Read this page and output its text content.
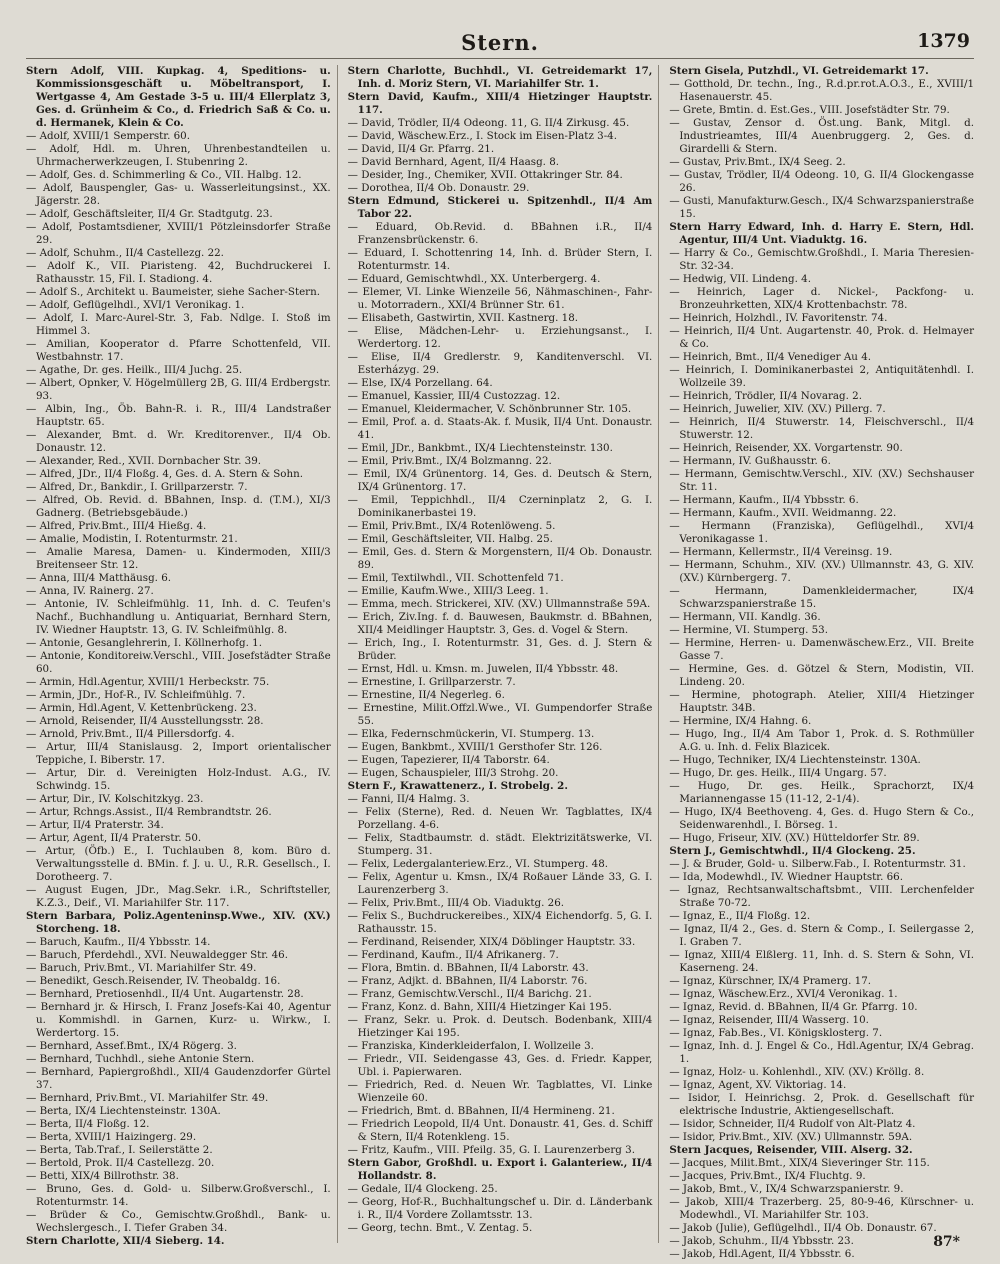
Stern.	1379

Stern Adolf, VIII. Kupkag. 4, Speditions- u. Kommissionsgeschäft u. Möbeltransport, I. Wertgasse 4, Am Gestade 3-5 u. III/4 Ellerplatz 3, Ges. d. Grünheim & Co., d. Friedrich Saß & Co. u. d. Hermanek, Klein & Co.

— Adolf, XVIII/1 Semperstr. 60.

— Adolf, Hdl. m. Uhren, Uhrenbestandteilen u. Uhrmacherwerkzeugen, I. Stubenring 2.

— Adolf, Ges. d. Schimmerling & Co., VII. Halbg. 12.

— Adolf, Bauspengler, Gas- u. Wasserleitungsinst., XX. Jägerstr. 28.

— Adolf, Geschäftsleiter, II/4 Gr. Stadtgutg. 23.

— Adolf, Postamtsdiener, XVIII/1 Pötzleinsdorfer Straße 29.

— Adolf, Schuhm., II/4 Castellezg. 22.

— Adolf K., VII. Piaristeng. 42, Buchdruckerei I. Rathausstr. 15, Fil. I. Stadiong. 4.

— Adolf S., Architekt u. Baumeister, siehe Sacher-Stern.

— Adolf, Geflügelhdl., XVI/1 Veronikag. 1.

— Adolf, I. Marc-Aurel-Str. 3, Fab. Ndlge. I. Stoß im Himmel 3.

— Amilian, Kooperator d. Pfarre Schottenfeld, VII. Westbahnstr. 17.

— Agathe, Dr. ges. Heilk., III/4 Juchg. 25.

— Albert, Opnker, V. Högelmüllerg 2B, G. III/4 Erdbergstr. 93.

— Albin, Ing., Öb. Bahn-R. i. R., III/4 Landstraßer Hauptstr. 65.

— Alexander, Bmt. d. Wr. Kreditorenver., II/4 Ob. Donaustr. 12.

— Alexander, Red., XVII. Dornbacher Str. 39.

— Alfred, JDr., II/4 Floßg. 4, Ges. d. A. Stern & Sohn.

— Alfred, Dr., Bankdir., I. Grillparzerstr. 7.

— Alfred, Ob. Revid. d. BBahnen, Insp. d. (T.M.), XI/3 Gadnerg. (Betriebsgebäude.)

— Alfred, Priv.Bmt., III/4 Hießg. 4.

— Amalie, Modistin, I. Rotenturmstr. 21.

— Amalie Maresa, Damen- u. Kindermoden, XIII/3 Breitenseer Str. 12.

— Anna, III/4 Matthäusg. 6.

— Anna, IV. Rainerg. 27.

— Antonie, IV. Schleifmühlg. 11, Inh. d. C. Teufen's Nachf., Buchhandlung u. Antiquariat, Bernhard Stern, IV. Wiedner Hauptstr. 13, G. IV. Schleifmühlg. 8.

— Antonie, Gesanglehrerin, I. Köllnerhofg. 1.

— Antonie, Konditoreiw.Verschl., VIII. Josefstädter Straße 60.

— Armin, Hdl.Agentur, XVIII/1 Herbeckstr. 75.

— Armin, JDr., Hof-R., IV. Schleifmühlg. 7.

— Armin, Hdl.Agent, V. Kettenbrückeng. 23.

— Arnold, Reisender, II/4 Ausstellungsstr. 28.

— Arnold, Priv.Bmt., II/4 Pillersdorfg. 4.

— Artur, III/4 Stanislausg. 2, Import orientalischer Teppiche, I. Biberstr. 17.

— Artur, Dir. d. Vereinigten Holz-Indust. A.G., IV. Schwindg. 15.

— Artur, Dir., IV. Kolschitzkyg. 23.

— Artur, Rchngs.Assist., II/4 Rembrandtstr. 26.

— Artur, II/4 Praterstr. 34.

— Artur, Agent, II/4 Praterstr. 50.

— Artur, (Öfb.) E., I. Tuchlauben 8, kom. Büro d. Verwaltungsstelle d. BMin. f. J. u. U., R.R. Gesellsch., I. Dorotheerg. 7.

— August Eugen, JDr., Mag.Sekr. i.R., Schriftsteller, K.Z.3., Deif., VI. Mariahilfer Str. 117.

Stern Barbara, Poliz.Agenteninsp.Wwe., XIV. (XV.) Storcheng. 18.

— Baruch, Kaufm., II/4 Ybbsstr. 14.

— Baruch, Pferdehdl., XVI. Neuwaldegger Str. 46.

— Baruch, Priv.Bmt., VI. Mariahilfer Str. 49.

— Benedikt, Gesch.Reisender, IV. Theobaldg. 16.

— Bernhard, Pretiosenhdl., II/4 Unt. Augartenstr. 28.

— Bernhard jr. & Hirsch, I. Franz Josefs-Kai 40, Agentur u. Kommishdl. in Garnen, Kurz- u. Wirkw., I. Werdertorg. 15.

— Bernhard, Assef.Bmt., IX/4 Rögerg. 3.

— Bernhard, Tuchhdl., siehe Antonie Stern.

— Bernhard, Papiergroßhdl., XII/4 Gaudenzdorfer Gürtel 37.

— Bernhard, Priv.Bmt., VI. Mariahilfer Str. 49.

— Berta, IX/4 Liechtensteinstr. 130A.

— Berta, II/4 Floßg. 12.

— Berta, XVIII/1 Haizingerg. 29.

— Berta, Tab.Traf., I. Seilerstätte 2.

— Bertold, Prok. II/4 Castellezg. 20.

— Betti, XIX/4 Billrothstr. 38.

— Bruno, Ges. d. Gold- u. Silberw.Großverschl., I. Rotenturmstr. 14.

— Brüder & Co., Gemischtw.Großhdl., Bank- u. Wechslergesch., I. Tiefer Graben 34.

Stern Charlotte, XII/4 Sieberg. 14.

Stern Charlotte, Buchhdl., VI. Getreidemarkt 17, Inh. d. Moriz Stern, VI. Mariahilfer Str. 1.

Stern David, Kaufm., XIII/4 Hietzinger Hauptstr. 117.

— David, Trödler, II/4 Odeong. 11, G. II/4 Zirkusg. 45.

— David, Wäschew.Erz., I. Stock im Eisen-Platz 3-4.

— David, II/4 Gr. Pfarrg. 21.

— David Bernhard, Agent, II/4 Haasg. 8.

— Desider, Ing., Chemiker, XVII. Ottakringer Str. 84.

— Dorothea, II/4 Ob. Donaustr. 29.

Stern Edmund, Stickerei u. Spitzenhdl., II/4 Am Tabor 22.

— Eduard, Ob.Revid. d. BBahnen i.R., II/4 Franzensbrückenstr. 6.

— Eduard, I. Schottenring 14, Inh. d. Brüder Stern, I. Rotenturmstr. 14.

— Eduard, Gemischtwhdl., XX. Unterbergerg. 4.

— Elemer, VI. Linke Wienzeile 56, Nähmaschinen-, Fahr- u. Motorradern., XXI/4 Brünner Str. 61.

— Elisabeth, Gastwirtin, XVII. Kastnerg. 18.

— Elise, Mädchen-Lehr- u. Erziehungsanst., I. Werdertorg. 12.

— Elise, II/4 Gredlerstr. 9, Kanditenverschl. VI. Esterházyg. 29.

— Else, IX/4 Porzellang. 64.

— Emanuel, Kassier, III/4 Custozzag. 12.

— Emanuel, Kleidermacher, V. Schönbrunner Str. 105.

— Emil, Prof. a. d. Staats-Ak. f. Musik, II/4 Unt. Donaustr. 41.

— Emil, JDr., Bankbmt., IX/4 Liechtensteinstr. 130.

— Emil, Priv.Bmt., IX/4 Bolzmanng. 22.

— Emil, IX/4 Grünentorg. 14, Ges. d. Deutsch & Stern, IX/4 Grünentorg. 17.

— Emil, Teppichhdl., II/4 Czerninplatz 2, G. I. Dominikanerbastei 19.

— Emil, Priv.Bmt., IX/4 Rotenlöweng. 5.

— Emil, Geschäftsleiter, VII. Halbg. 25.

— Emil, Ges. d. Stern & Morgenstern, II/4 Ob. Donaustr. 89.

— Emil, Textilwhdl., VII. Schottenfeld 71.

— Emilie, Kaufm.Wwe., XIII/3 Leeg. 1.

— Emma, mech. Strickerei, XIV. (XV.) Ullmannstraße 59A.

— Erich, Ziv.Ing. f. d. Bauwesen, Baukmstr. d. BBahnen, XII/4 Meidlinger Hauptstr. 3, Ges. d. Vogel & Stern.

— Erich, Ing., I. Rotenturmstr. 31, Ges. d. J. Stern & Brüder.

— Ernst, Hdl. u. Kmsn. m. Juwelen, II/4 Ybbsstr. 48.

— Ernestine, I. Grillparzerstr. 7.

— Ernestine, II/4 Negerleg. 6.

— Ernestine, Milit.Offzl.Wwe., VI. Gumpendorfer Straße 55.

— Elka, Federnschmückerin, VI. Stumperg. 13.

— Eugen, Bankbmt., XVIII/1 Gersthofer Str. 126.

— Eugen, Tapezierer, II/4 Taborstr. 64.

— Eugen, Schauspieler, III/3 Strohg. 20.

Stern F., Krawattenerz., I. Strobelg. 2.

— Fanni, II/4 Halmg. 3.

— Felix (Sterne), Red. d. Neuen Wr. Tagblattes, IX/4 Porzellang. 4-6.

— Felix, Stadtbaumstr. d. städt. Elektrizitätswerke, VI. Stumperg. 31.

— Felix, Ledergalanteriew.Erz., VI. Stumperg. 48.

— Felix, Agentur u. Kmsn., IX/4 Roßauer Lände 33, G. I. Laurenzerberg 3.

— Felix, Priv.Bmt., III/4 Ob. Viaduktg. 26.

— Felix S., Buchdruckereibes., XIX/4 Eichendorfg. 5, G. I. Rathausstr. 15.

— Ferdinand, Reisender, XIX/4 Döblinger Hauptstr. 33.

— Ferdinand, Kaufm., II/4 Afrikanerg. 7.

— Flora, Bmtin. d. BBahnen, II/4 Laborstr. 43.

— Franz, Adjkt. d. BBahnen, II/4 Laborstr. 76.

— Franz, Gemischtw.Verschl., II/4 Barichg. 21.

— Franz, Konz. d. Bahn, XIII/4 Hietzinger Kai 195.

— Franz, Sekr. u. Prok. d. Deutsch. Bodenbank, XIII/4 Hietzinger Kai 195.

— Franziska, Kinderkleiderfalon, I. Wollzeile 3.

— Friedr., VII. Seidengasse 43, Ges. d. Friedr. Kapper, Ubl. i. Papierwaren.

— Friedrich, Red. d. Neuen Wr. Tagblattes, VI. Linke Wienzeile 60.

— Friedrich, Bmt. d. BBahnen, II/4 Hermineng. 21.

— Friedrich Leopold, II/4 Unt. Donaustr. 41, Ges. d. Schiff & Stern, II/4 Rotenkleng. 15.

— Fritz, Kaufm., VIII. Pfeilg. 35, G. I. Laurenzerberg 3.

Stern Gabor, Großhdl. u. Export i. Galanteriew., II/4 Hollandstr. 8.

— Gedale, II/4 Glockeng. 25.

— Georg, Hof-R., Buchhaltungschef u. Dir. d. Länderbank i. R., II/4 Vordere Zollamtsstr. 13.

— Georg, techn. Bmt., V. Zentag. 5.

Stern Gisela, Putzhdl., VI. Getreidemarkt 17.

— Gotthold, Dr. techn., Ing., R.d.pr.rot.A.O.3., E., XVIII/1 Hasenauerstr. 45.

— Grete, Bmtin. d. Est.Ges., VIII. Josefstädter Str. 79.

— Gustav, Zensor d. Öst.ung. Bank, Mitgl. d. Industrieamtes, III/4 Auenbruggerg. 2, Ges. d. Girardelli & Stern.

— Gustav, Priv.Bmt., IX/4 Seeg. 2.

— Gustav, Trödler, II/4 Odeong. 10, G. II/4 Glockengasse 26.

— Gusti, Manufakturw.Gesch., IX/4 Schwarzspanierstraße 15.

Stern Harry Edward, Inh. d. Harry E. Stern, Hdl. Agentur, III/4 Unt. Viaduktg. 16.

— Harry & Co., Gemischtw.Großhdl., I. Maria Theresien-Str. 32-34.

— Hedwig, VII. Lindeng. 4.

— Heinrich, Lager d. Nickel-, Packfong- u. Bronzeuhrketten, XIX/4 Krottenbachstr. 78.

— Heinrich, Holzhdl., IV. Favoritenstr. 74.

— Heinrich, II/4 Unt. Augartenstr. 40, Prok. d. Helmayer & Co.

— Heinrich, Bmt., II/4 Venediger Au 4.

— Heinrich, I. Dominikanerbastei 2, Antiquitätenhdl. I. Wollzeile 39.

— Heinrich, Trödler, II/4 Novarag. 2.

— Heinrich, Juwelier, XIV. (XV.) Pillerg. 7.

— Heinrich, II/4 Stuwerstr. 14, Fleischverschl., II/4 Stuwerstr. 12.

— Heinrich, Reisender, XX. Vorgartenstr. 90.

— Hermann, IV. Gußhausstr. 6.

— Hermann, Gemischtw.Verschl., XIV. (XV.) Sechshauser Str. 11.

— Hermann, Kaufm., II/4 Ybbsstr. 6.

— Hermann, Kaufm., XVII. Weidmanng. 22.

— Hermann (Franziska), Geflügelhdl., XVI/4 Veronikagasse 1.

— Hermann, Kellermstr., II/4 Vereinsg. 19.

— Hermann, Schuhm., XIV. (XV.) Ullmannstr. 43, G. XIV. (XV.) Kürnbergerg. 7.

— Hermann, Damenkleidermacher, IX/4 Schwarzspanierstraße 15.

— Hermann, VII. Kandlg. 36.

— Hermine, VI. Stumperg. 53.

— Hermine, Herren- u. Damenwäschew.Erz., VII. Breite Gasse 7.

— Hermine, Ges. d. Götzel & Stern, Modistin, VII. Lindeng. 20.

— Hermine, photograph. Atelier, XIII/4 Hietzinger Hauptstr. 34B.

— Hermine, IX/4 Hahng. 6.

— Hugo, Ing., II/4 Am Tabor 1, Prok. d. S. Rothmüller A.G. u. Inh. d. Felix Blazicek.

— Hugo, Techniker, IX/4 Liechtensteinstr. 130A.

— Hugo, Dr. ges. Heilk., III/4 Ungarg. 57.

— Hugo, Dr. ges. Heilk., Sprachorzt, IX/4 Mariannengasse 15 (11-12, 2-1/4).

— Hugo, IX/4 Beethoveng. 4, Ges. d. Hugo Stern & Co., Seidenwarenhdl., I. Börseg. 1.

— Hugo, Friseur, XIV. (XV.) Hütteldorfer Str. 89.

Stern J., Gemischtwhdl., II/4 Glockeng. 25.

— J. & Bruder, Gold- u. Silberw.Fab., I. Rotenturmstr. 31.

— Ida, Modewhdl., IV. Wiedner Hauptstr. 66.

— Ignaz, Rechtsanwaltschaftsbmt., VIII. Lerchenfelder Straße 70-72.

— Ignaz, E., II/4 Floßg. 12.

— Ignaz, II/4 2., Ges. d. Stern & Comp., I. Seilergasse 2, I. Graben 7.

— Ignaz, XIII/4 Elßlerg. 11, Inh. d. S. Stern & Sohn, VI. Kaserneng. 24.

— Ignaz, Kürschner, IX/4 Pramerg. 17.

— Ignaz, Wäschew.Erz., XVI/4 Veronikag. 1.

— Ignaz, Revid. d. BBahnen, II/4 Gr. Pfarrg. 10.

— Ignaz, Reisender, III/4 Wasserg. 10.

— Ignaz, Fab.Bes., VI. Königsklosterg. 7.

— Ignaz, Inh. d. J. Engel & Co., Hdl.Agentur, IX/4 Gebrag. 1.

— Ignaz, Holz- u. Kohlenhdl., XIV. (XV.) Kröllg. 8.

— Ignaz, Agent, XV. Viktoriag. 14.

— Isidor, I. Heinrichsg. 2, Prok. d. Gesellschaft für elektrische Industrie, Aktiengesellschaft.

— Isidor, Schneider, II/4 Rudolf von Alt-Platz 4.

— Isidor, Priv.Bmt., XIV. (XV.) Ullmannstr. 59A.

Stern Jacques, Reisender, VIII. Alserg. 32.

— Jacques, Milit.Bmt., XIX/4 Sieveringer Str. 115.

— Jacques, Priv.Bmt., IX/4 Fluchtg. 9.

— Jakob, Bmt., V., IX/4 Schwarzspanierstr. 9.

— Jakob, XIII/4 Trazerberg. 25, 80-9-46, Kürschner- u. Modewhdl., VI. Mariahilfer Str. 103.

— Jakob (Julie), Geflügelhdl., II/4 Ob. Donaustr. 67.

— Jakob, Schuhm., II/4 Ybbsstr. 23.

— Jakob, Hdl.Agent, II/4 Ybbsstr. 6.

87*
